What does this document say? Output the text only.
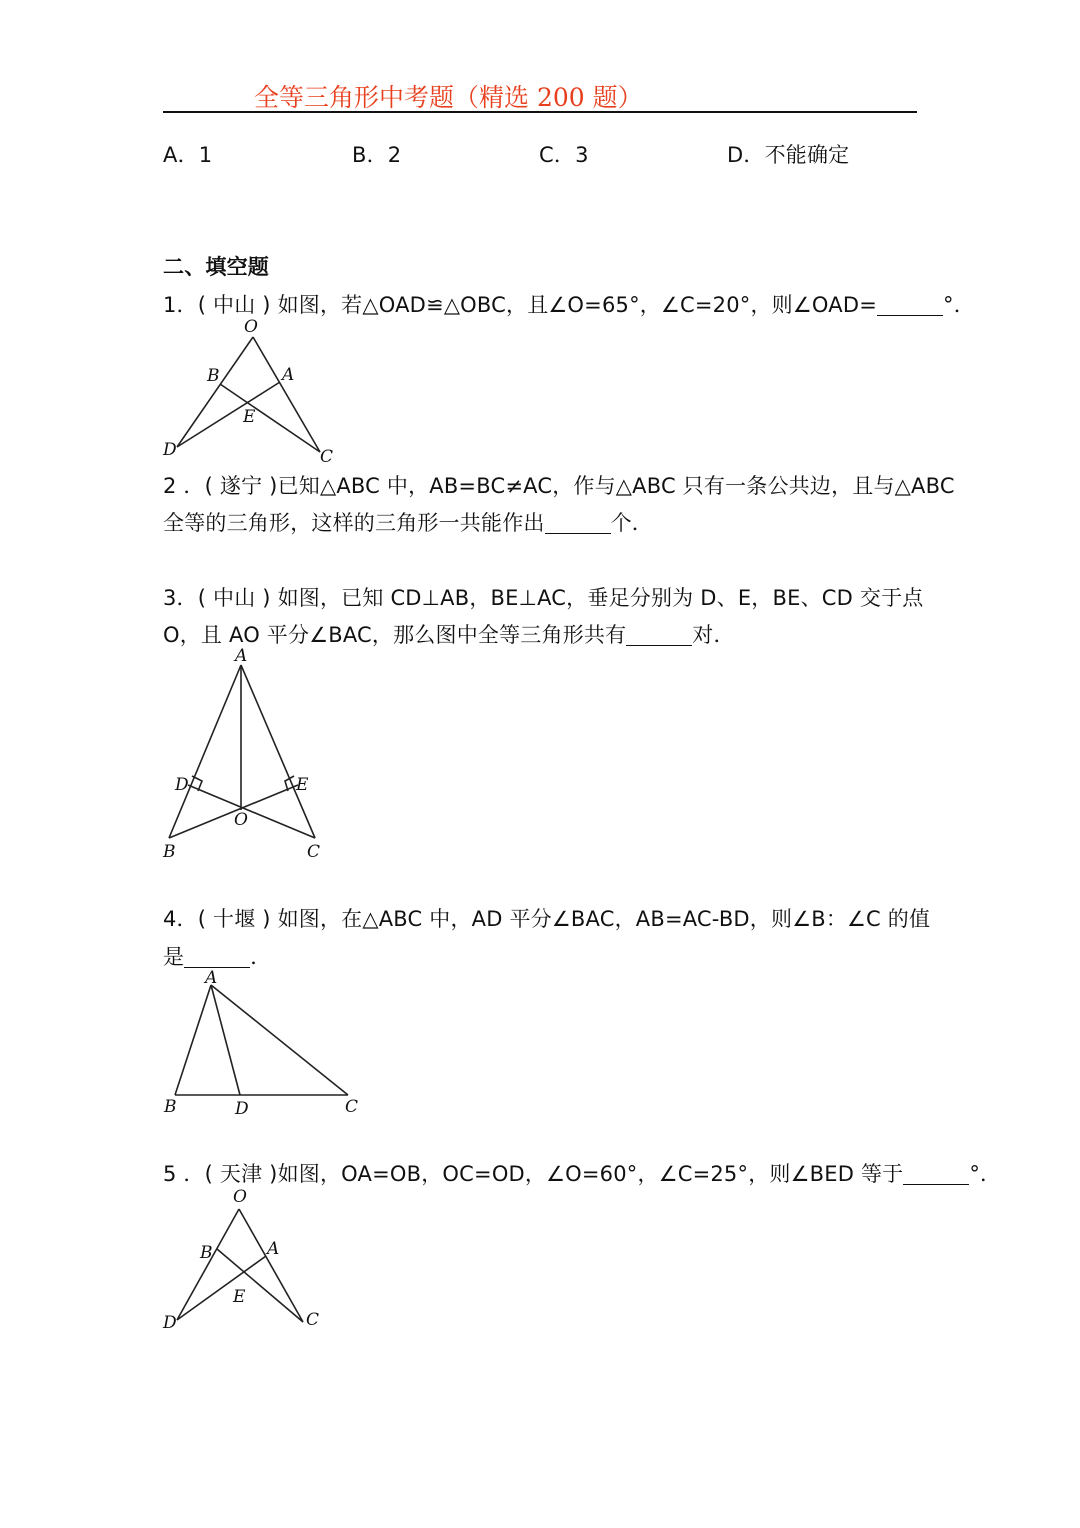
全等三角形中考题（精选 200 题）
A．1	B．2	C．3	D．不能确定
二、填空题
1．( 中山 ) 如图，若△OAD≌△OBC，且∠O=65°，∠C=20°，则∠OAD=	°．
O
B	A
E
D	C
2 ．( 遂宁 )已知△ABC 中，AB=BC≠AC，作与△ABC 只有一条公共边，且与△ABC
全等的三角形，这样的三角形一共能作出	个．
3．( 中山 ) 如图，已知 CD⊥AB，BE⊥AC，垂足分别为 D、E，BE、CD 交于点
O，且 AO 平分∠BAC，那么图中全等三角形共有	对．
A
D	E
O
B	C
4．( 十堰 ) 如图，在△ABC 中，AD 平分∠BAC，AB=AC-BD，则∠B：∠C 的值
是	．
A
B	D	C
5 ．( 天津 )如图，OA=OB，OC=OD，∠O=60°，∠C=25°，则∠BED 等于	°．
O
B	A
E
D	C
